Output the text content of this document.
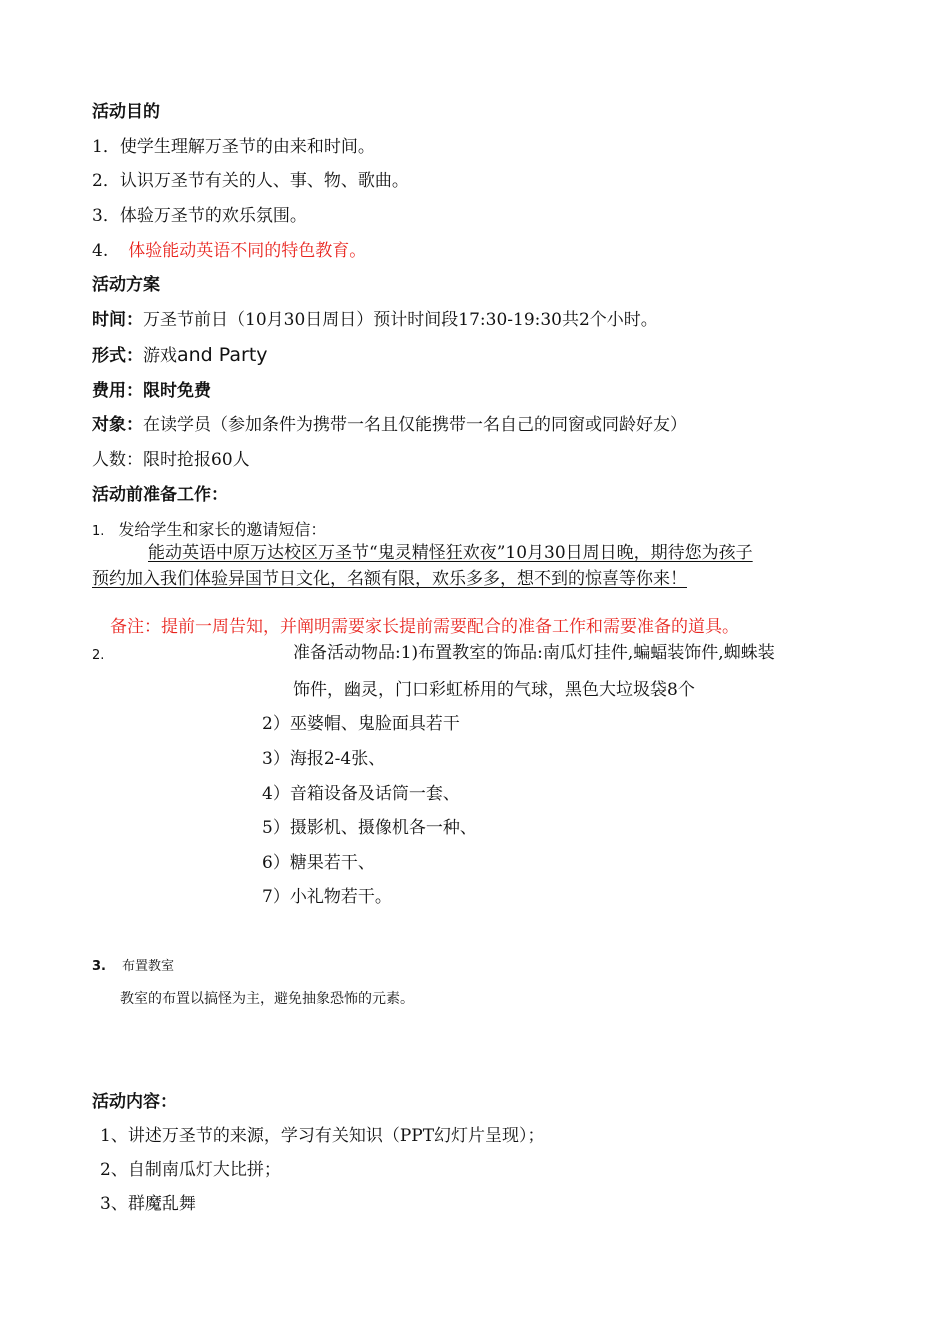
活动目的
1．使学生理解万圣节的由来和时间。
2．认识万圣节有关的人、事、物、歌曲。
3．体验万圣节的欢乐氛围。
4. 体验能动英语不同的特色教育。
活动方案
时间：万圣节前日（10月30日周日）预计时间段17:30-19:30共2个小时。
形式：游戏and Party
费用：限时免费
对象：在读学员（参加条件为携带一名且仅能携带一名自己的同窗或同龄好友）
人数：限时抢报60人
活动前准备工作：
1. 发给学生和家长的邀请短信：
能动英语中原万达校区万圣节“鬼灵精怪狂欢夜”10月30日周日晚，期待您为孩子
预约加入我们体验异国节日文化，名额有限，欢乐多多，想不到的惊喜等你来！
备注：提前一周告知，并阐明需要家长提前需要配合的准备工作和需要准备的道具。
2.	准备活动物品:1)布置教室的饰品:南瓜灯挂件,蝙蝠装饰件,蜘蛛装
饰件，幽灵，门口彩虹桥用的气球，黑色大垃圾袋8个
2）巫婆帽、鬼脸面具若干
3）海报2-4张、
4）音箱设备及话筒一套、
5）摄影机、摄像机各一种、
6）糖果若干、
7）小礼物若干。
3. 布置教室
教室的布置以搞怪为主，避免抽象恐怖的元素。
活动内容：
1、讲述万圣节的来源，学习有关知识（PPT幻灯片呈现）；
2、自制南瓜灯大比拼；
3、群魔乱舞
